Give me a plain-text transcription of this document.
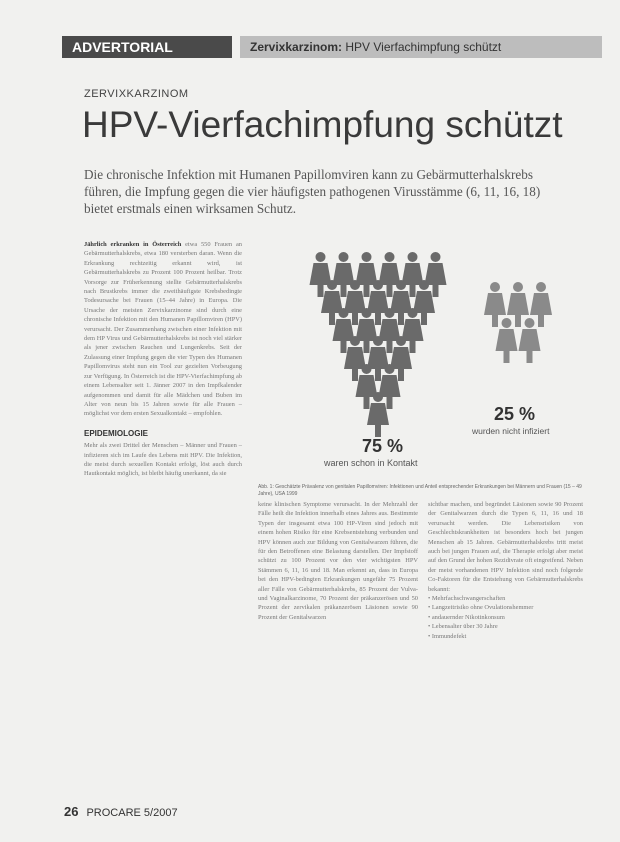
ADVERTORIAL	Zervixkarzinom: HPV Vierfachimpfung schützt
ZERVIXKARZINOM
HPV-Vierfachimpfung schützt
Die chronische Infektion mit Humanen Papillomviren kann zu Gebärmutterhalskrebs führen, die Impfung gegen die vier häufigsten pathogenen Virusstämme (6, 11, 16, 18) bietet erstmals einen wirksamen Schutz.
Jährlich erkranken in Österreich etwa 550 Frauen an Gebärmutterhalskrebs, etwa 180 versterben daran. Wenn die Erkrankung rechtzeitig erkannt wird, ist Gebärmutterhalskrebs zu Prozent 100 Prozent heilbar. Trotz Vorsorge zur Früherkennung stellte Gebärmutterhalskrebs nach Brustkrebs immer die zweithäufigste Krebsbedingte Todesursache bei Frauen (15–44 Jahre) in Europa. Die Ursache der meisten Zervixkarzinome sind durch eine chronische Infektion mit den Humanen Papillomviren (HPV) verursacht. Der Zusammenhang zwischen einer Infektion mit dem HP Virus und Gebärmutterhalskrebs ist noch viel stärker als jener zwischen Rauchen und Lungenkrebs. Seit der Zulassung einer Impfung gegen die vier Typen des Humanen Papillomvirus steht nun ein Tool zur gezielten Vorbeugung zur Verfügung. In Österreich ist die HPV-Vierfachimpfung ab einem Lebensalter seit 1. Jänner 2007 in den Impfkalender aufgenommen und damit für alle Mädchen und Buben im Alter von neun bis 15 Jahren sowie für alle Frauen – möglichst vor dem ersten Sexualkontakt – empfohlen.
EPIDEMIOLOGIE
Mehr als zwei Drittel der Menschen – Männer und Frauen – infizieren sich im Laufe des Lebens mit HPV. Die Infektion, die meist durch sexuellen Kontakt erfolgt, löst auch durch Hautkontakt möglich, ist bleibt häufig unerkannt, da sie
75 %
waren schon in Kontakt
25 %
wurden nicht infiziert
Abb. 1: Geschätzte Prävalenz von genitalen Papillomviren: Infektionen und Anteil entsprechender Erkrankungen bei Männern und Frauen (15 – 49 Jahre), USA 1999
keine klinischen Symptome verursacht. In der Mehrzahl der Fälle heilt die Infektion innerhalb eines Jahres aus. Bestimmte Typen der insgesamt etwa 100 HP-Viren sind jedoch mit einem hohen Risiko für eine Krebsentstehung verbunden und HPV können auch zur Bildung von Genitalwarzen führen, die für den Betroffenen eine Belastung darstellen. Der Impfstoff schützt zu 100 Prozent vor den vier wichtigsten HPV Stämmen 6, 11, 16 und 18. Man erkennt an, dass in Europa bei den HPV-bedingten Erkrankungen ungefähr 75 Prozent aller Fälle von Gebärmutterhalskrebs, 85 Prozent der Vulva- und Vaginalkarzinome, 70 Prozent der präkanzerösen und 50 Prozent der zervikalen präkanzerösen Läsionen sowie 90 Prozent der Genitalwarzen
sichtbar machen, und begründet Läsionen sowie 90 Prozent der Genitalwarzen durch die Typen 6, 11, 16 und 18 verursacht werden. Die Lebensrisiken von Geschlechtskrankheiten ist besonders hoch bei jungen Menschen ab 15 Jahren. Gebärmutterhalskrebs tritt meist auch bei jungen Frauen auf, die Therapie erfolgt aber meist auf den Grund der hohen Rezidivrate oft eingreifend. Neben der meist vorhandenen HPV Infektion sind noch folgende Co-Faktoren für die Entstehung von Gebärmutterhalskrebs bekannt:
• Mehrfachschwangerschaften
• Langzeitrisiko ohne Ovulationshemmer
• andauernder Nikotinkonsum
• Lebensalter über 30 Jahre
• Immundefekt
26 PROCARE 5/2007
